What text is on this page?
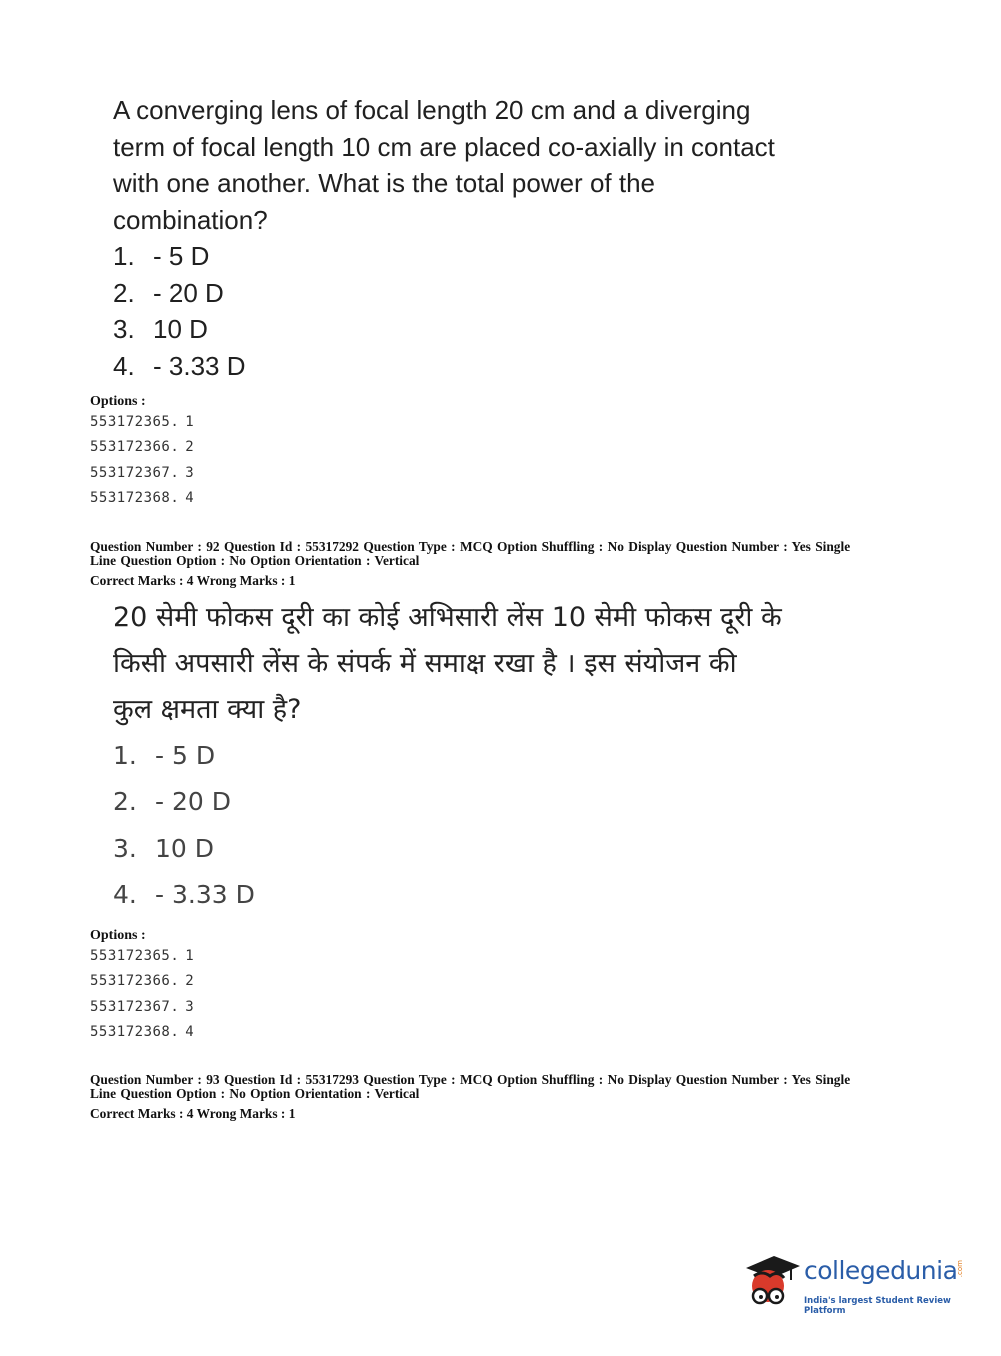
A converging lens of focal length 20 cm and a diverging
term of focal length 10 cm are placed co-axially in contact
with one another. What is the total power of the
combination?

1. - 5 D
2. - 20 D
3. 10 D
4. - 3.33 D
Options :
553172365. 1
553172366. 2
553172367. 3
553172368. 4
Question Number : 92 Question Id : 55317292 Question Type : MCQ Option Shuffling : No Display Question Number : Yes Single
Line Question Option : No Option Orientation : Vertical
Correct Marks : 4 Wrong Marks : 1
20 सेमी फोकस दूरी का कोई अभिसारी लेंस 10 सेमी फोकस दूरी के
किसी अपसारी लेंस के संपर्क में समाक्ष रखा है । इस संयोजन की
कुल क्षमता क्या है?
1. - 5 D
2. - 20 D
3. 10 D
4. - 3.33 D
Options :
553172365. 1
553172366. 2
553172367. 3
553172368. 4
Question Number : 93 Question Id : 55317293 Question Type : MCQ Option Shuffling : No Display Question Number : Yes Single
Line Question Option : No Option Orientation : Vertical
Correct Marks : 4 Wrong Marks : 1
collegedunia
.com
India's largest Student Review Platform
